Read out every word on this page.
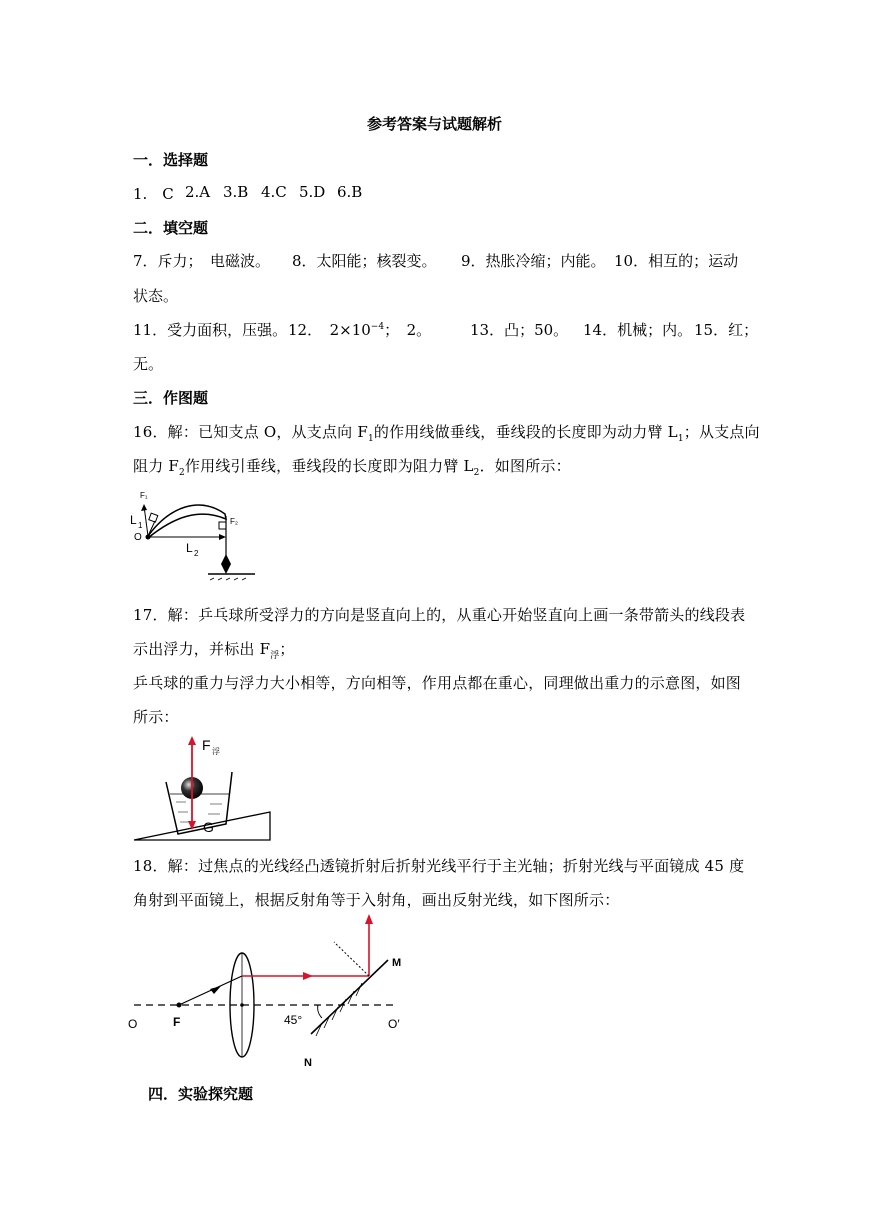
参考答案与试题解析
一．选择题
1.　C 2.A 3.B 4.C 5.D 6.B
二．填空题
7．斥力；　电磁波。 8．太阳能；核裂变。 9．热胀冷缩；内能。 10．相互的；运动
状态。
11．受力面积，压强。 12．　$2\times 10^{-4}$；　2。	13．凸；50。 14．机械；内。 15．红；
无。
三．作图题
16．解：已知支点 O，从支点向 $F_1$的作用线做垂线，垂线段的长度即为动力臂 $L_1$；从支点向
阻力 $F_2$作用线引垂线，垂线段的长度即为阻力臂 $L_2$．如图所示：
F₁
L 1
O
L 2
F₂
17．解：乒乓球所受浮力的方向是竖直向上的，从重心开始竖直向上画一条带箭头的线段表
示出浮力，并标出 $F_浮$；
乒乓球的重力与浮力大小相等，方向相等，作用点都在重心，同理做出重力的示意图，如图
所示：
F 浮
G
18．解：过焦点的光线经凸透镜折射后折射光线平行于主光轴；折射光线与平面镜成 45 度
角射到平面镜上，根据反射角等于入射角，画出反射光线，如下图所示：
O	O′
F
M
N
45°
四．实验探究题
